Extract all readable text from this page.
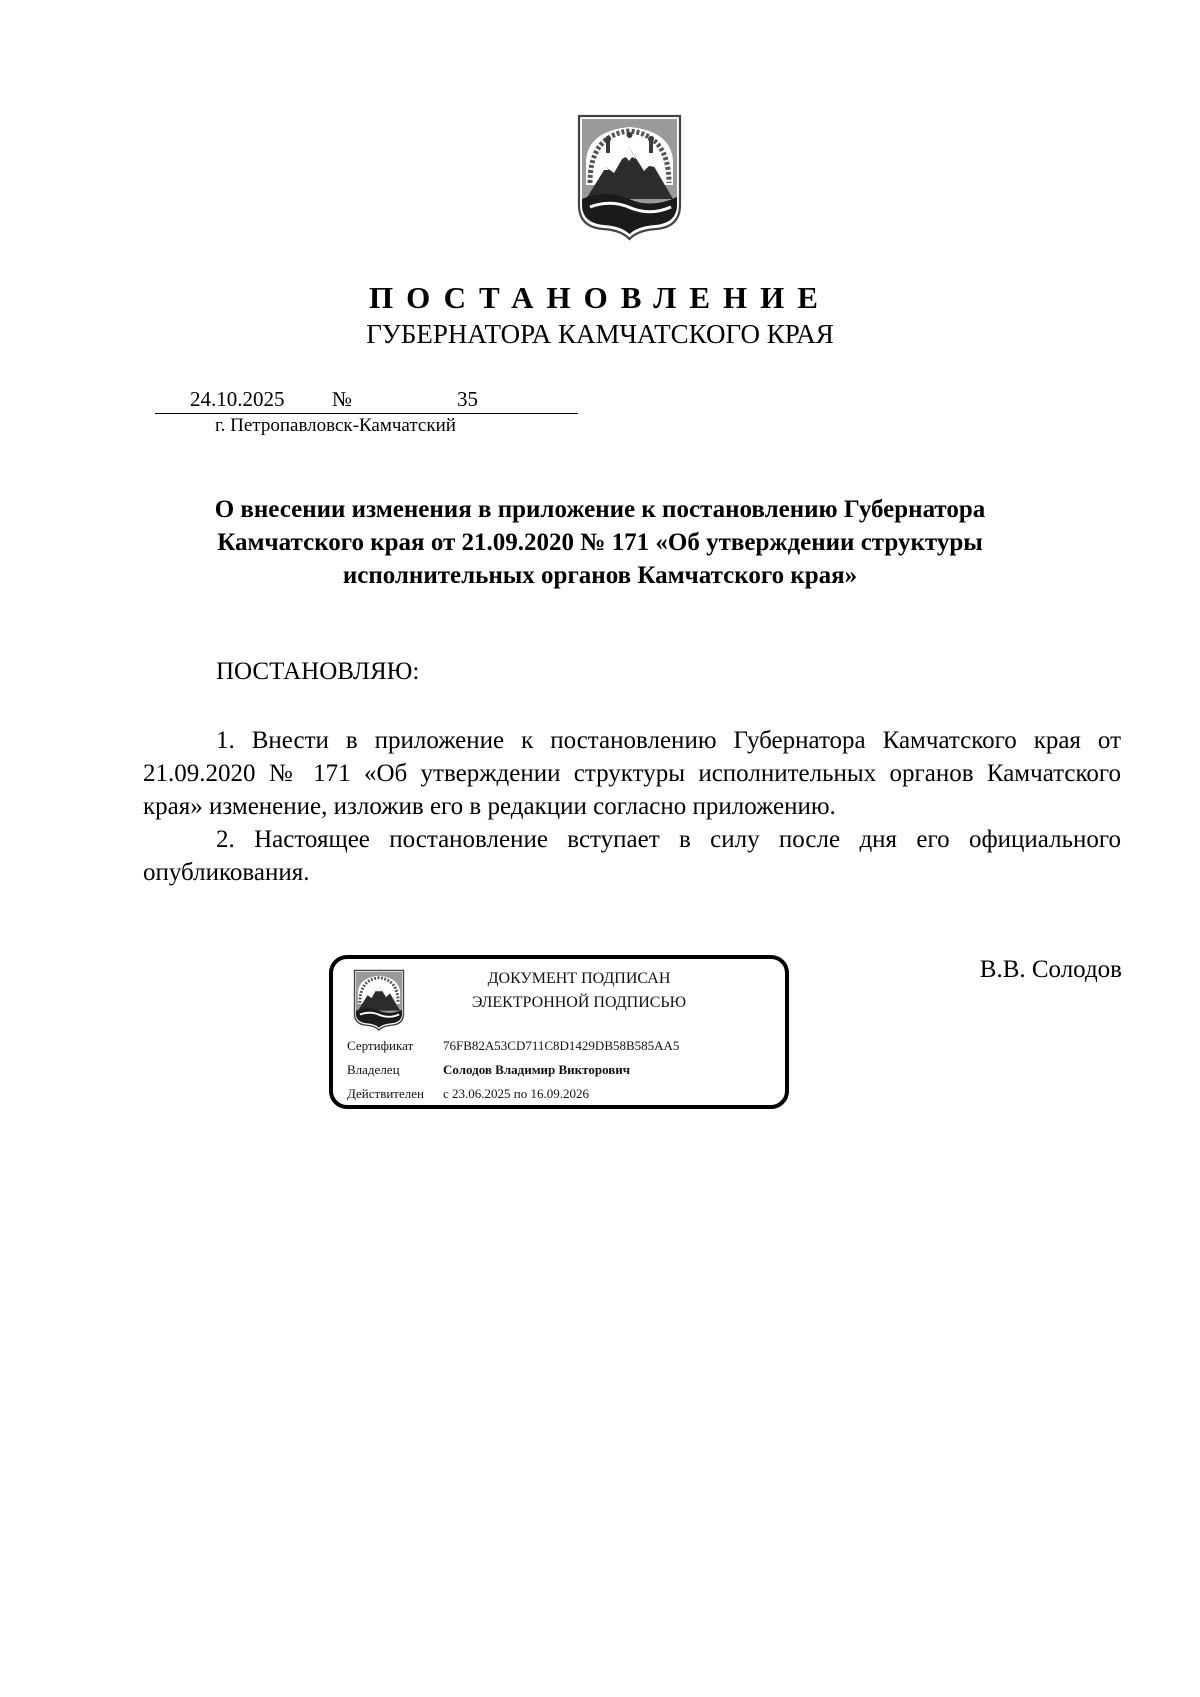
ПОСТАНОВЛЕНИЕ
ГУБЕРНАТОРА КАМЧАТСКОГО КРАЯ
24.10.2025 №	35
г. Петропавловск-Камчатский
О внесении изменения в приложение к постановлению Губернатора
Камчатского края от 21.09.2020 № 171 «Об утверждении структуры
исполнительных органов Камчатского края»
ПОСТАНОВЛЯЮ:

1. Внести в приложение к постановлению Губернатора Камчатского края от 21.09.2020 № 171 «Об утверждении структуры исполнительных органов Камчатского края» изменение, изложив его в редакции согласно приложению.

2. Настоящее постановление вступает в силу после дня его официального опубликования.

В.В. Солодов
ДОКУМЕНТ ПОДПИСАН
ЭЛЕКТРОННОЙ ПОДПИСЬЮ
Сертификат 76FB82A53CD711C8D1429DB58B585AA5
Владелец	Солодов Владимир Викторович
Действителен с 23.06.2025 по 16.09.2026
